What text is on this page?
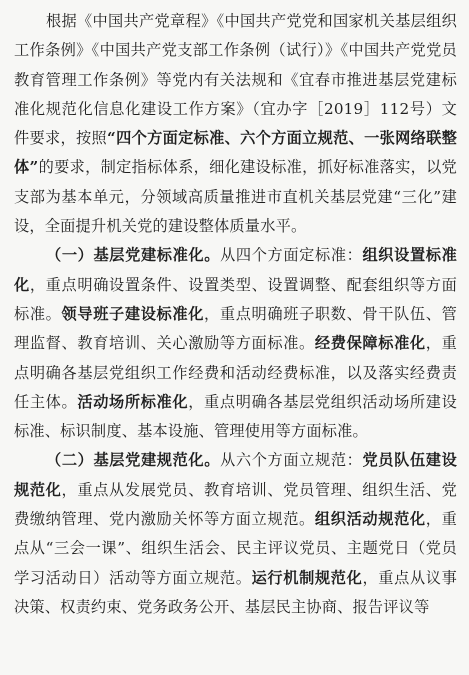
根据《中国共产党章程》《中国共产党党和国家机关基层组织工作条例》《中国共产党支部工作条例（试行）》《中国共产党党员教育管理工作条例》等党内有关法规和《宜春市推进基层党建标准化规范化信息化建设工作方案》（宜办字［2019］112号）文件要求，按照“四个方面定标准、六个方面立规范、一张网络联整体”的要求，制定指标体系，细化建设标准，抓好标准落实，以党支部为基本单元，分领域高质量推进市直机关基层党建“三化”建设，全面提升机关党的建设整体质量水平。

（一）基层党建标准化。从四个方面定标准：组织设置标准化，重点明确设置条件、设置类型、设置调整、配套组织等方面标准。领导班子建设标准化，重点明确班子职数、骨干队伍、管理监督、教育培训、关心激励等方面标准。经费保障标准化，重点明确各基层党组织工作经费和活动经费标准，以及落实经费责任主体。活动场所标准化，重点明确各基层党组织活动场所建设标准、标识制度、基本设施、管理使用等方面标准。

（二）基层党建规范化。从六个方面立规范：党员队伍建设规范化，重点从发展党员、教育培训、党员管理、组织生活、党费缴纳管理、党内激励关怀等方面立规范。组织活动规范化，重点从“三会一课”、组织生活会、民主评议党员、主题党日（党员学习活动日）活动等方面立规范。运行机制规范化，重点从议事决策、权责约束、党务政务公开、基层民主协商、报告评议等
